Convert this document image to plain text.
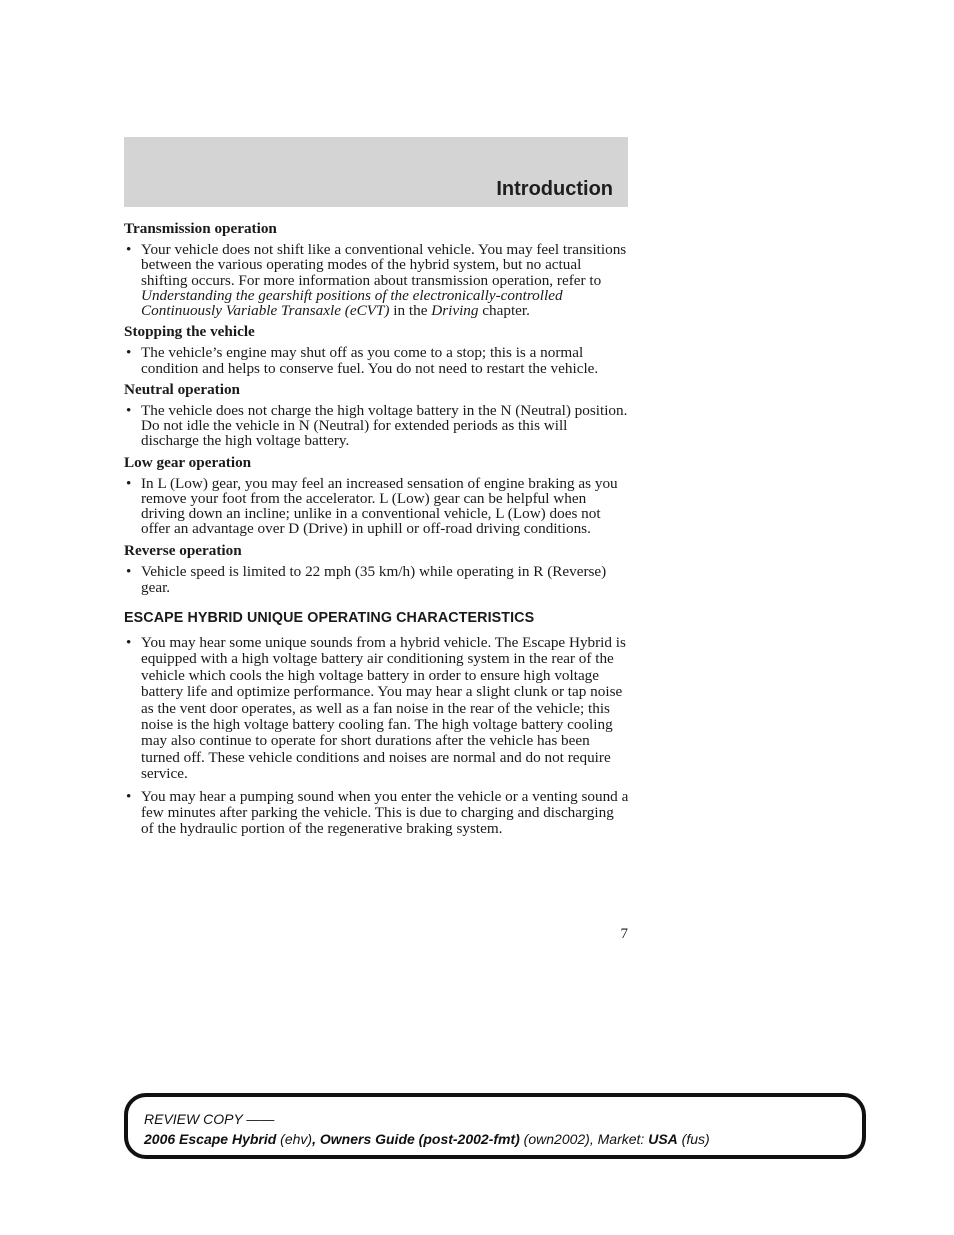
Introduction
Transmission operation
• Your vehicle does not shift like a conventional vehicle. You may feel transitions between the various operating modes of the hybrid system, but no actual shifting occurs. For more information about transmission operation, refer to Understanding the gearshift positions of the electronically-controlled Continuously Variable Transaxle (eCVT) in the Driving chapter.
Stopping the vehicle
• The vehicle’s engine may shut off as you come to a stop; this is a normal condition and helps to conserve fuel. You do not need to restart the vehicle.
Neutral operation
• The vehicle does not charge the high voltage battery in the N (Neutral) position. Do not idle the vehicle in N (Neutral) for extended periods as this will discharge the high voltage battery.
Low gear operation
• In L (Low) gear, you may feel an increased sensation of engine braking as you remove your foot from the accelerator. L (Low) gear can be helpful when driving down an incline; unlike in a conventional vehicle, L (Low) does not offer an advantage over D (Drive) in uphill or off-road driving conditions.
Reverse operation
• Vehicle speed is limited to 22 mph (35 km/h) while operating in R (Reverse) gear.
ESCAPE HYBRID UNIQUE OPERATING CHARACTERISTICS
• You may hear some unique sounds from a hybrid vehicle. The Escape Hybrid is equipped with a high voltage battery air conditioning system in the rear of the vehicle which cools the high voltage battery in order to ensure high voltage battery life and optimize performance. You may hear a slight clunk or tap noise as the vent door operates, as well as a fan noise in the rear of the vehicle; this noise is the high voltage battery cooling fan. The high voltage battery cooling may also continue to operate for short durations after the vehicle has been turned off. These vehicle conditions and noises are normal and do not require service.
• You may hear a pumping sound when you enter the vehicle or a venting sound a few minutes after parking the vehicle. This is due to charging and discharging of the hydraulic portion of the regenerative braking system.
7
REVIEW COPY ——
2006 Escape Hybrid (ehv), Owners Guide (post-2002-fmt) (own2002), Market: USA (fus)
